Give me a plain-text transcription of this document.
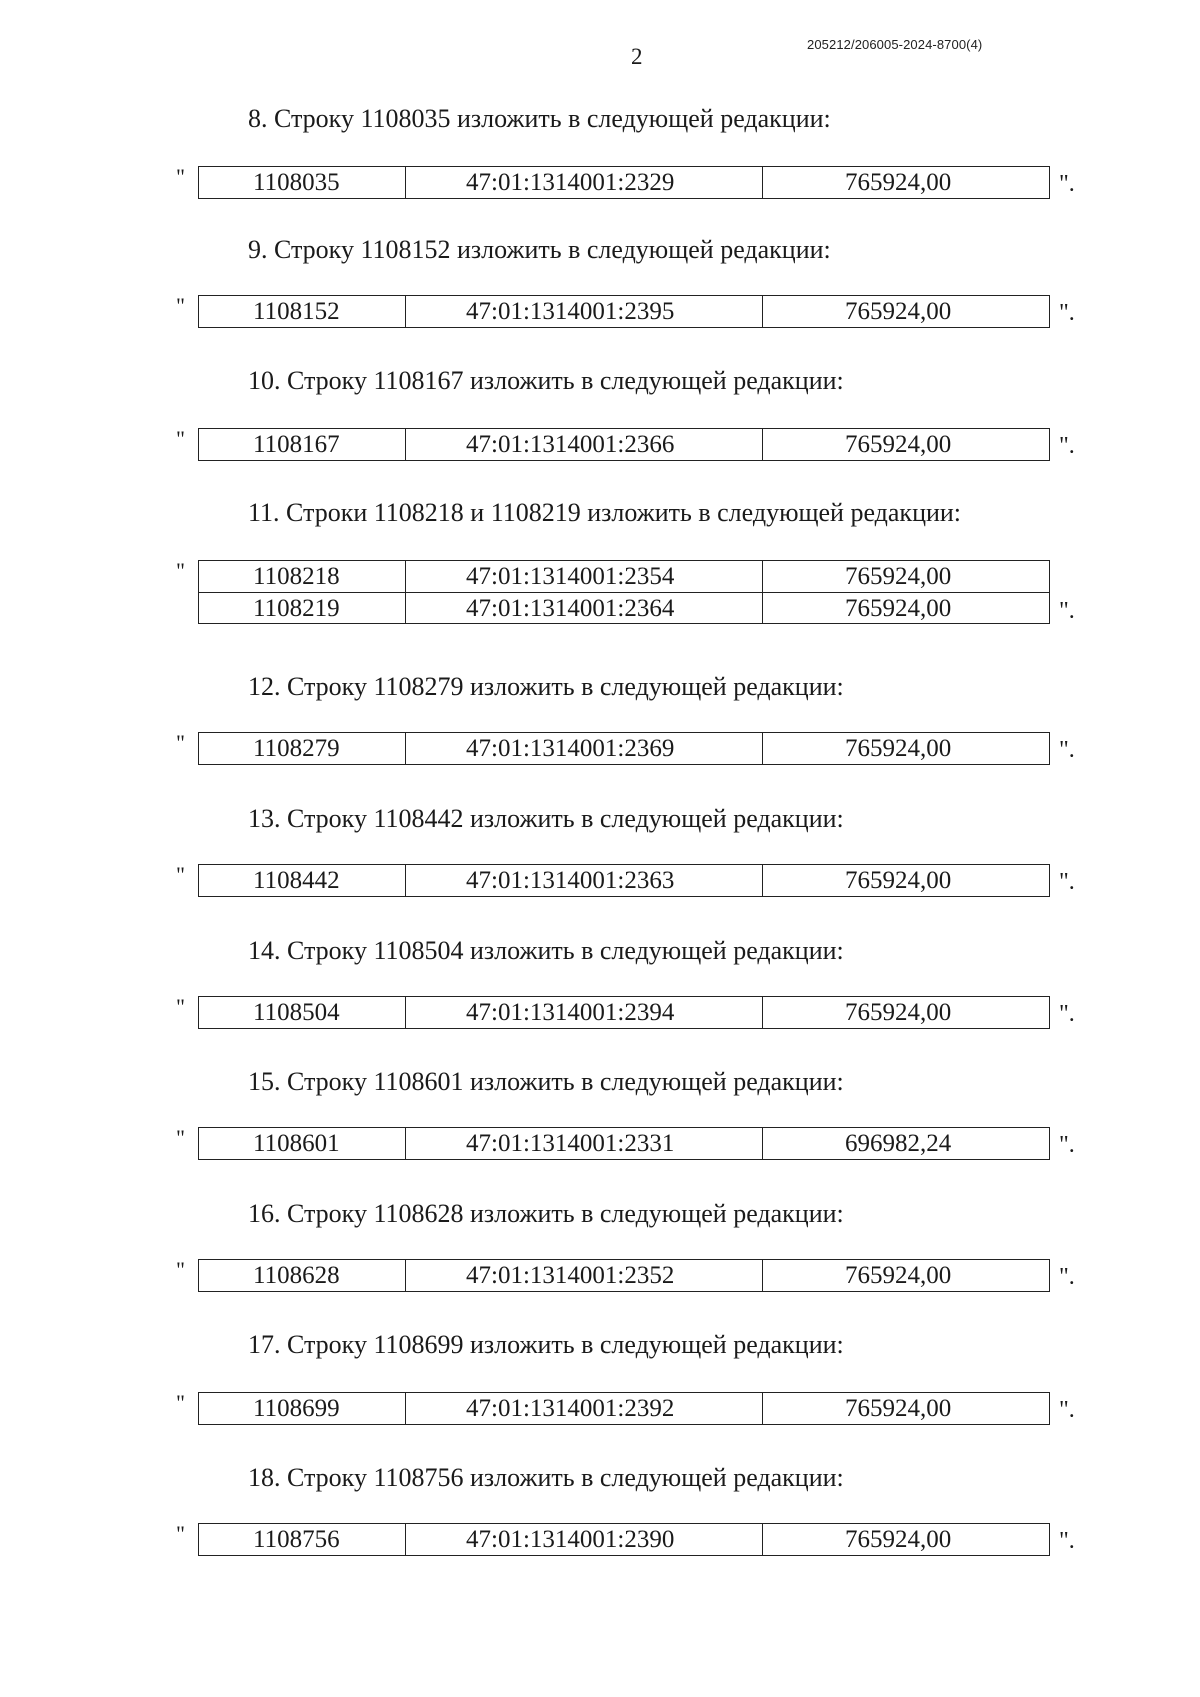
2	205212/206005-2024-8700(4)
8. Строку 1108035 изложить в следующей редакции:
"	1108035	47:01:1314001:2329	765924,00	".
9. Строку 1108152 изложить в следующей редакции:
"	1108152	47:01:1314001:2395	765924,00	".
10. Строку 1108167 изложить в следующей редакции:
"	1108167	47:01:1314001:2366	765924,00	".
11. Строки 1108218 и 1108219 изложить в следующей редакции:
"	1108218	47:01:1314001:2354	765924,00
1108219	47:01:1314001:2364	765924,00	".
12. Строку 1108279 изложить в следующей редакции:
"	1108279	47:01:1314001:2369	765924,00	".
13. Строку 1108442 изложить в следующей редакции:
"	1108442	47:01:1314001:2363	765924,00	".
14. Строку 1108504 изложить в следующей редакции:
"	1108504	47:01:1314001:2394	765924,00	".
15. Строку 1108601 изложить в следующей редакции:
"	1108601	47:01:1314001:2331	696982,24	".
16. Строку 1108628 изложить в следующей редакции:
"	1108628	47:01:1314001:2352	765924,00	".
17. Строку 1108699 изложить в следующей редакции:
"	1108699	47:01:1314001:2392	765924,00	".
18. Строку 1108756 изложить в следующей редакции:
"	1108756	47:01:1314001:2390	765924,00	".
